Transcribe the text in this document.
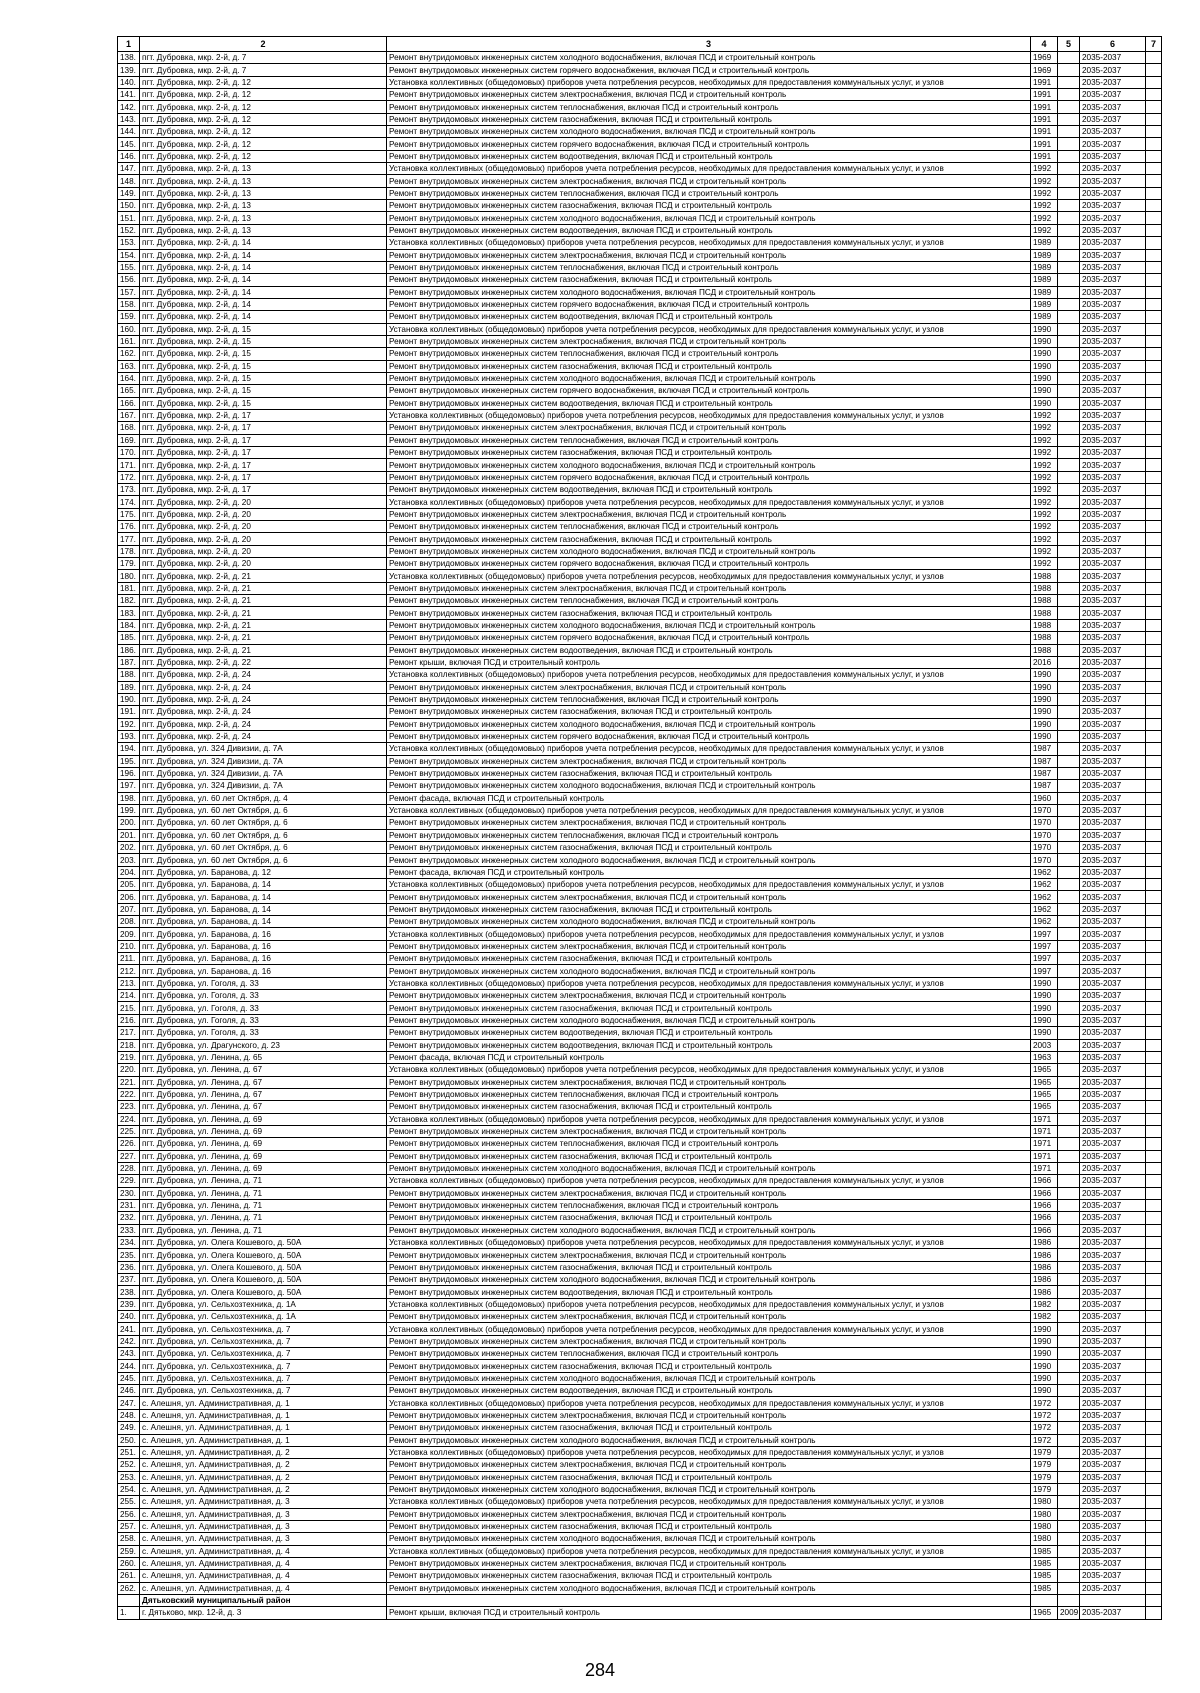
1	2	3	4	5	6	7
138.	пгт. Дубровка, мкр. 2-й, д. 7	Ремонт внутридомовых инженерных систем холодного водоснабжения, включая ПСД и строительный контроль	1969		2035-2037	
139.	пгт. Дубровка, мкр. 2-й, д. 7	Ремонт внутридомовых инженерных систем горячего водоснабжения, включая ПСД и строительный контроль	1969		2035-2037	
140.	пгт. Дубровка, мкр. 2-й, д. 12	Установка коллективных (общедомовых) приборов учета потребления ресурсов, необходимых для предоставления коммунальных услуг, и узлов	1991		2035-2037	
141.	пгт. Дубровка, мкр. 2-й, д. 12	Ремонт внутридомовых инженерных систем электроснабжения, включая ПСД и строительный контроль	1991		2035-2037	
142.	пгт. Дубровка, мкр. 2-й, д. 12	Ремонт внутридомовых инженерных систем теплоснабжения, включая ПСД и строительный контроль	1991		2035-2037	
143.	пгт. Дубровка, мкр. 2-й, д. 12	Ремонт внутридомовых инженерных систем газоснабжения, включая ПСД и строительный контроль	1991		2035-2037	
144.	пгт. Дубровка, мкр. 2-й, д. 12	Ремонт внутридомовых инженерных систем холодного водоснабжения, включая ПСД и строительный контроль	1991		2035-2037	
145.	пгт. Дубровка, мкр. 2-й, д. 12	Ремонт внутридомовых инженерных систем горячего водоснабжения, включая ПСД и строительный контроль	1991		2035-2037	
146.	пгт. Дубровка, мкр. 2-й, д. 12	Ремонт внутридомовых инженерных систем водоотведения, включая ПСД и строительный контроль	1991		2035-2037	
147.	пгт. Дубровка, мкр. 2-й, д. 13	Установка коллективных (общедомовых) приборов учета потребления ресурсов, необходимых для предоставления коммунальных услуг, и узлов	1992		2035-2037	
148.	пгт. Дубровка, мкр. 2-й, д. 13	Ремонт внутридомовых инженерных систем электроснабжения, включая ПСД и строительный контроль	1992		2035-2037	
149.	пгт. Дубровка, мкр. 2-й, д. 13	Ремонт внутридомовых инженерных систем теплоснабжения, включая ПСД и строительный контроль	1992		2035-2037	
150.	пгт. Дубровка, мкр. 2-й, д. 13	Ремонт внутридомовых инженерных систем газоснабжения, включая ПСД и строительный контроль	1992		2035-2037	
151.	пгт. Дубровка, мкр. 2-й, д. 13	Ремонт внутридомовых инженерных систем холодного водоснабжения, включая ПСД и строительный контроль	1992		2035-2037	
152.	пгт. Дубровка, мкр. 2-й, д. 13	Ремонт внутридомовых инженерных систем водоотведения, включая ПСД и строительный контроль	1992		2035-2037	
153.	пгт. Дубровка, мкр. 2-й, д. 14	Установка коллективных (общедомовых) приборов учета потребления ресурсов, необходимых для предоставления коммунальных услуг, и узлов	1989		2035-2037	
154.	пгт. Дубровка, мкр. 2-й, д. 14	Ремонт внутридомовых инженерных систем электроснабжения, включая ПСД и строительный контроль	1989		2035-2037	
155.	пгт. Дубровка, мкр. 2-й, д. 14	Ремонт внутридомовых инженерных систем теплоснабжения, включая ПСД и строительный контроль	1989		2035-2037	
156.	пгт. Дубровка, мкр. 2-й, д. 14	Ремонт внутридомовых инженерных систем газоснабжения, включая ПСД и строительный контроль	1989		2035-2037	
157.	пгт. Дубровка, мкр. 2-й, д. 14	Ремонт внутридомовых инженерных систем холодного водоснабжения, включая ПСД и строительный контроль	1989		2035-2037	
158.	пгт. Дубровка, мкр. 2-й, д. 14	Ремонт внутридомовых инженерных систем горячего водоснабжения, включая ПСД и строительный контроль	1989		2035-2037	
159.	пгт. Дубровка, мкр. 2-й, д. 14	Ремонт внутридомовых инженерных систем водоотведения, включая ПСД и строительный контроль	1989		2035-2037	
160.	пгт. Дубровка, мкр. 2-й, д. 15	Установка коллективных (общедомовых) приборов учета потребления ресурсов, необходимых для предоставления коммунальных услуг, и узлов	1990		2035-2037	
161.	пгт. Дубровка, мкр. 2-й, д. 15	Ремонт внутридомовых инженерных систем электроснабжения, включая ПСД и строительный контроль	1990		2035-2037	
162.	пгт. Дубровка, мкр. 2-й, д. 15	Ремонт внутридомовых инженерных систем теплоснабжения, включая ПСД и строительный контроль	1990		2035-2037	
163.	пгт. Дубровка, мкр. 2-й, д. 15	Ремонт внутридомовых инженерных систем газоснабжения, включая ПСД и строительный контроль	1990		2035-2037	
164.	пгт. Дубровка, мкр. 2-й, д. 15	Ремонт внутридомовых инженерных систем холодного водоснабжения, включая ПСД и строительный контроль	1990		2035-2037	
165.	пгт. Дубровка, мкр. 2-й, д. 15	Ремонт внутридомовых инженерных систем горячего водоснабжения, включая ПСД и строительный контроль	1990		2035-2037	
166.	пгт. Дубровка, мкр. 2-й, д. 15	Ремонт внутридомовых инженерных систем водоотведения, включая ПСД и строительный контроль	1990		2035-2037	
167.	пгт. Дубровка, мкр. 2-й, д. 17	Установка коллективных (общедомовых) приборов учета потребления ресурсов, необходимых для предоставления коммунальных услуг, и узлов	1992		2035-2037	
168.	пгт. Дубровка, мкр. 2-й, д. 17	Ремонт внутридомовых инженерных систем электроснабжения, включая ПСД и строительный контроль	1992		2035-2037	
169.	пгт. Дубровка, мкр. 2-й, д. 17	Ремонт внутридомовых инженерных систем теплоснабжения, включая ПСД и строительный контроль	1992		2035-2037	
170.	пгт. Дубровка, мкр. 2-й, д. 17	Ремонт внутридомовых инженерных систем газоснабжения, включая ПСД и строительный контроль	1992		2035-2037	
171.	пгт. Дубровка, мкр. 2-й, д. 17	Ремонт внутридомовых инженерных систем холодного водоснабжения, включая ПСД и строительный контроль	1992		2035-2037	
172.	пгт. Дубровка, мкр. 2-й, д. 17	Ремонт внутридомовых инженерных систем горячего водоснабжения, включая ПСД и строительный контроль	1992		2035-2037	
173.	пгт. Дубровка, мкр. 2-й, д. 17	Ремонт внутридомовых инженерных систем водоотведения, включая ПСД и строительный контроль	1992		2035-2037	
174.	пгт. Дубровка, мкр. 2-й, д. 20	Установка коллективных (общедомовых) приборов учета потребления ресурсов, необходимых для предоставления коммунальных услуг, и узлов	1992		2035-2037	
175.	пгт. Дубровка, мкр. 2-й, д. 20	Ремонт внутридомовых инженерных систем электроснабжения, включая ПСД и строительный контроль	1992		2035-2037	
176.	пгт. Дубровка, мкр. 2-й, д. 20	Ремонт внутридомовых инженерных систем теплоснабжения, включая ПСД и строительный контроль	1992		2035-2037	
177.	пгт. Дубровка, мкр. 2-й, д. 20	Ремонт внутридомовых инженерных систем газоснабжения, включая ПСД и строительный контроль	1992		2035-2037	
178.	пгт. Дубровка, мкр. 2-й, д. 20	Ремонт внутридомовых инженерных систем холодного водоснабжения, включая ПСД и строительный контроль	1992		2035-2037	
179.	пгт. Дубровка, мкр. 2-й, д. 20	Ремонт внутридомовых инженерных систем горячего водоснабжения, включая ПСД и строительный контроль	1992		2035-2037	
180.	пгт. Дубровка, мкр. 2-й, д. 21	Установка коллективных (общедомовых) приборов учета потребления ресурсов, необходимых для предоставления коммунальных услуг, и узлов	1988		2035-2037	
181.	пгт. Дубровка, мкр. 2-й, д. 21	Ремонт внутридомовых инженерных систем электроснабжения, включая ПСД и строительный контроль	1988		2035-2037	
182.	пгт. Дубровка, мкр. 2-й, д. 21	Ремонт внутридомовых инженерных систем теплоснабжения, включая ПСД и строительный контроль	1988		2035-2037	
183.	пгт. Дубровка, мкр. 2-й, д. 21	Ремонт внутридомовых инженерных систем газоснабжения, включая ПСД и строительный контроль	1988		2035-2037	
184.	пгт. Дубровка, мкр. 2-й, д. 21	Ремонт внутридомовых инженерных систем холодного водоснабжения, включая ПСД и строительный контроль	1988		2035-2037	
185.	пгт. Дубровка, мкр. 2-й, д. 21	Ремонт внутридомовых инженерных систем горячего водоснабжения, включая ПСД и строительный контроль	1988		2035-2037	
186.	пгт. Дубровка, мкр. 2-й, д. 21	Ремонт внутридомовых инженерных систем водоотведения, включая ПСД и строительный контроль	1988		2035-2037	
187.	пгт. Дубровка, мкр. 2-й, д. 22	Ремонт крыши, включая ПСД и строительный контроль	2016		2035-2037	
188.	пгт. Дубровка, мкр. 2-й, д. 24	Установка коллективных (общедомовых) приборов учета потребления ресурсов, необходимых для предоставления коммунальных услуг, и узлов	1990		2035-2037	
189.	пгт. Дубровка, мкр. 2-й, д. 24	Ремонт внутридомовых инженерных систем электроснабжения, включая ПСД и строительный контроль	1990		2035-2037	
190.	пгт. Дубровка, мкр. 2-й, д. 24	Ремонт внутридомовых инженерных систем теплоснабжения, включая ПСД и строительный контроль	1990		2035-2037	
191.	пгт. Дубровка, мкр. 2-й, д. 24	Ремонт внутридомовых инженерных систем газоснабжения, включая ПСД и строительный контроль	1990		2035-2037	
192.	пгт. Дубровка, мкр. 2-й, д. 24	Ремонт внутридомовых инженерных систем холодного водоснабжения, включая ПСД и строительный контроль	1990		2035-2037	
193.	пгт. Дубровка, мкр. 2-й, д. 24	Ремонт внутридомовых инженерных систем горячего водоснабжения, включая ПСД и строительный контроль	1990		2035-2037	
194.	пгт. Дубровка, ул. 324 Дивизии, д. 7А	Установка коллективных (общедомовых) приборов учета потребления ресурсов, необходимых для предоставления коммунальных услуг, и узлов	1987		2035-2037	
195.	пгт. Дубровка, ул. 324 Дивизии, д. 7А	Ремонт внутридомовых инженерных систем электроснабжения, включая ПСД и строительный контроль	1987		2035-2037	
196.	пгт. Дубровка, ул. 324 Дивизии, д. 7А	Ремонт внутридомовых инженерных систем газоснабжения, включая ПСД и строительный контроль	1987		2035-2037	
197.	пгт. Дубровка, ул. 324 Дивизии, д. 7А	Ремонт внутридомовых инженерных систем холодного водоснабжения, включая ПСД и строительный контроль	1987		2035-2037	
198.	пгт. Дубровка, ул. 60 лет Октября, д. 4	Ремонт фасада, включая ПСД и строительный контроль	1960		2035-2037	
199.	пгт. Дубровка, ул. 60 лет Октября, д. 6	Установка коллективных (общедомовых) приборов учета потребления ресурсов, необходимых для предоставления коммунальных услуг, и узлов	1970		2035-2037	
200.	пгт. Дубровка, ул. 60 лет Октября, д. 6	Ремонт внутридомовых инженерных систем электроснабжения, включая ПСД и строительный контроль	1970		2035-2037	
201.	пгт. Дубровка, ул. 60 лет Октября, д. 6	Ремонт внутридомовых инженерных систем теплоснабжения, включая ПСД и строительный контроль	1970		2035-2037	
202.	пгт. Дубровка, ул. 60 лет Октября, д. 6	Ремонт внутридомовых инженерных систем газоснабжения, включая ПСД и строительный контроль	1970		2035-2037	
203.	пгт. Дубровка, ул. 60 лет Октября, д. 6	Ремонт внутридомовых инженерных систем холодного водоснабжения, включая ПСД и строительный контроль	1970		2035-2037	
204.	пгт. Дубровка, ул. Баранова, д. 12	Ремонт фасада, включая ПСД и строительный контроль	1962		2035-2037	
205.	пгт. Дубровка, ул. Баранова, д. 14	Установка коллективных (общедомовых) приборов учета потребления ресурсов, необходимых для предоставления коммунальных услуг, и узлов	1962		2035-2037	
206.	пгт. Дубровка, ул. Баранова, д. 14	Ремонт внутридомовых инженерных систем электроснабжения, включая ПСД и строительный контроль	1962		2035-2037	
207.	пгт. Дубровка, ул. Баранова, д. 14	Ремонт внутридомовых инженерных систем газоснабжения, включая ПСД и строительный контроль	1962		2035-2037	
208.	пгт. Дубровка, ул. Баранова, д. 14	Ремонт внутридомовых инженерных систем холодного водоснабжения, включая ПСД и строительный контроль	1962		2035-2037	
209.	пгт. Дубровка, ул. Баранова, д. 16	Установка коллективных (общедомовых) приборов учета потребления ресурсов, необходимых для предоставления коммунальных услуг, и узлов	1997		2035-2037	
210.	пгт. Дубровка, ул. Баранова, д. 16	Ремонт внутридомовых инженерных систем электроснабжения, включая ПСД и строительный контроль	1997		2035-2037	
211.	пгт. Дубровка, ул. Баранова, д. 16	Ремонт внутридомовых инженерных систем газоснабжения, включая ПСД и строительный контроль	1997		2035-2037	
212.	пгт. Дубровка, ул. Баранова, д. 16	Ремонт внутридомовых инженерных систем холодного водоснабжения, включая ПСД и строительный контроль	1997		2035-2037	
213.	пгт. Дубровка, ул. Гоголя, д. 33	Установка коллективных (общедомовых) приборов учета потребления ресурсов, необходимых для предоставления коммунальных услуг, и узлов	1990		2035-2037	
214.	пгт. Дубровка, ул. Гоголя, д. 33	Ремонт внутридомовых инженерных систем электроснабжения, включая ПСД и строительный контроль	1990		2035-2037	
215.	пгт. Дубровка, ул. Гоголя, д. 33	Ремонт внутридомовых инженерных систем газоснабжения, включая ПСД и строительный контроль	1990		2035-2037	
216.	пгт. Дубровка, ул. Гоголя, д. 33	Ремонт внутридомовых инженерных систем холодного водоснабжения, включая ПСД и строительный контроль	1990		2035-2037	
217.	пгт. Дубровка, ул. Гоголя, д. 33	Ремонт внутридомовых инженерных систем водоотведения, включая ПСД и строительный контроль	1990		2035-2037	
218.	пгт. Дубровка, ул. Драгунского, д. 23	Ремонт внутридомовых инженерных систем водоотведения, включая ПСД и строительный контроль	2003		2035-2037	
219.	пгт. Дубровка, ул. Ленина, д. 65	Ремонт фасада, включая ПСД и строительный контроль	1963		2035-2037	
220.	пгт. Дубровка, ул. Ленина, д. 67	Установка коллективных (общедомовых) приборов учета потребления ресурсов, необходимых для предоставления коммунальных услуг, и узлов	1965		2035-2037	
221.	пгт. Дубровка, ул. Ленина, д. 67	Ремонт внутридомовых инженерных систем электроснабжения, включая ПСД и строительный контроль	1965		2035-2037	
222.	пгт. Дубровка, ул. Ленина, д. 67	Ремонт внутридомовых инженерных систем теплоснабжения, включая ПСД и строительный контроль	1965		2035-2037	
223.	пгт. Дубровка, ул. Ленина, д. 67	Ремонт внутридомовых инженерных систем газоснабжения, включая ПСД и строительный контроль	1965		2035-2037	
224.	пгт. Дубровка, ул. Ленина, д. 69	Установка коллективных (общедомовых) приборов учета потребления ресурсов, необходимых для предоставления коммунальных услуг, и узлов	1971		2035-2037	
225.	пгт. Дубровка, ул. Ленина, д. 69	Ремонт внутридомовых инженерных систем электроснабжения, включая ПСД и строительный контроль	1971		2035-2037	
226.	пгт. Дубровка, ул. Ленина, д. 69	Ремонт внутридомовых инженерных систем теплоснабжения, включая ПСД и строительный контроль	1971		2035-2037	
227.	пгт. Дубровка, ул. Ленина, д. 69	Ремонт внутридомовых инженерных систем газоснабжения, включая ПСД и строительный контроль	1971		2035-2037	
228.	пгт. Дубровка, ул. Ленина, д. 69	Ремонт внутридомовых инженерных систем холодного водоснабжения, включая ПСД и строительный контроль	1971		2035-2037	
229.	пгт. Дубровка, ул. Ленина, д. 71	Установка коллективных (общедомовых) приборов учета потребления ресурсов, необходимых для предоставления коммунальных услуг, и узлов	1966		2035-2037	
230.	пгт. Дубровка, ул. Ленина, д. 71	Ремонт внутридомовых инженерных систем электроснабжения, включая ПСД и строительный контроль	1966		2035-2037	
231.	пгт. Дубровка, ул. Ленина, д. 71	Ремонт внутридомовых инженерных систем теплоснабжения, включая ПСД и строительный контроль	1966		2035-2037	
232.	пгт. Дубровка, ул. Ленина, д. 71	Ремонт внутридомовых инженерных систем газоснабжения, включая ПСД и строительный контроль	1966		2035-2037	
233.	пгт. Дубровка, ул. Ленина, д. 71	Ремонт внутридомовых инженерных систем холодного водоснабжения, включая ПСД и строительный контроль	1966		2035-2037	
234.	пгт. Дубровка, ул. Олега Кошевого, д. 50А	Установка коллективных (общедомовых) приборов учета потребления ресурсов, необходимых для предоставления коммунальных услуг, и узлов	1986		2035-2037	
235.	пгт. Дубровка, ул. Олега Кошевого, д. 50А	Ремонт внутридомовых инженерных систем электроснабжения, включая ПСД и строительный контроль	1986		2035-2037	
236.	пгт. Дубровка, ул. Олега Кошевого, д. 50А	Ремонт внутридомовых инженерных систем газоснабжения, включая ПСД и строительный контроль	1986		2035-2037	
237.	пгт. Дубровка, ул. Олега Кошевого, д. 50А	Ремонт внутридомовых инженерных систем холодного водоснабжения, включая ПСД и строительный контроль	1986		2035-2037	
238.	пгт. Дубровка, ул. Олега Кошевого, д. 50А	Ремонт внутридомовых инженерных систем водоотведения, включая ПСД и строительный контроль	1986		2035-2037	
239.	пгт. Дубровка, ул. Сельхозтехника, д. 1А	Установка коллективных (общедомовых) приборов учета потребления ресурсов, необходимых для предоставления коммунальных услуг, и узлов	1982		2035-2037	
240.	пгт. Дубровка, ул. Сельхозтехника, д. 1А	Ремонт внутридомовых инженерных систем электроснабжения, включая ПСД и строительный контроль	1982		2035-2037	
241.	пгт. Дубровка, ул. Сельхозтехника, д. 7	Установка коллективных (общедомовых) приборов учета потребления ресурсов, необходимых для предоставления коммунальных услуг, и узлов	1990		2035-2037	
242.	пгт. Дубровка, ул. Сельхозтехника, д. 7	Ремонт внутридомовых инженерных систем электроснабжения, включая ПСД и строительный контроль	1990		2035-2037	
243.	пгт. Дубровка, ул. Сельхозтехника, д. 7	Ремонт внутридомовых инженерных систем теплоснабжения, включая ПСД и строительный контроль	1990		2035-2037	
244.	пгт. Дубровка, ул. Сельхозтехника, д. 7	Ремонт внутридомовых инженерных систем газоснабжения, включая ПСД и строительный контроль	1990		2035-2037	
245.	пгт. Дубровка, ул. Сельхозтехника, д. 7	Ремонт внутридомовых инженерных систем холодного водоснабжения, включая ПСД и строительный контроль	1990		2035-2037	
246.	пгт. Дубровка, ул. Сельхозтехника, д. 7	Ремонт внутридомовых инженерных систем водоотведения, включая ПСД и строительный контроль	1990		2035-2037	
247.	с. Алешня, ул. Административная, д. 1	Установка коллективных (общедомовых) приборов учета потребления ресурсов, необходимых для предоставления коммунальных услуг, и узлов	1972		2035-2037	
248.	с. Алешня, ул. Административная, д. 1	Ремонт внутридомовых инженерных систем электроснабжения, включая ПСД и строительный контроль	1972		2035-2037	
249.	с. Алешня, ул. Административная, д. 1	Ремонт внутридомовых инженерных систем газоснабжения, включая ПСД и строительный контроль	1972		2035-2037	
250.	с. Алешня, ул. Административная, д. 1	Ремонт внутридомовых инженерных систем холодного водоснабжения, включая ПСД и строительный контроль	1972		2035-2037	
251.	с. Алешня, ул. Административная, д. 2	Установка коллективных (общедомовых) приборов учета потребления ресурсов, необходимых для предоставления коммунальных услуг, и узлов	1979		2035-2037	
252.	с. Алешня, ул. Административная, д. 2	Ремонт внутридомовых инженерных систем электроснабжения, включая ПСД и строительный контроль	1979		2035-2037	
253.	с. Алешня, ул. Административная, д. 2	Ремонт внутридомовых инженерных систем газоснабжения, включая ПСД и строительный контроль	1979		2035-2037	
254.	с. Алешня, ул. Административная, д. 2	Ремонт внутридомовых инженерных систем холодного водоснабжения, включая ПСД и строительный контроль	1979		2035-2037	
255.	с. Алешня, ул. Административная, д. 3	Установка коллективных (общедомовых) приборов учета потребления ресурсов, необходимых для предоставления коммунальных услуг, и узлов	1980		2035-2037	
256.	с. Алешня, ул. Административная, д. 3	Ремонт внутридомовых инженерных систем электроснабжения, включая ПСД и строительный контроль	1980		2035-2037	
257.	с. Алешня, ул. Административная, д. 3	Ремонт внутридомовых инженерных систем газоснабжения, включая ПСД и строительный контроль	1980		2035-2037	
258.	с. Алешня, ул. Административная, д. 3	Ремонт внутридомовых инженерных систем холодного водоснабжения, включая ПСД и строительный контроль	1980		2035-2037	
259.	с. Алешня, ул. Административная, д. 4	Установка коллективных (общедомовых) приборов учета потребления ресурсов, необходимых для предоставления коммунальных услуг, и узлов	1985		2035-2037	
260.	с. Алешня, ул. Административная, д. 4	Ремонт внутридомовых инженерных систем электроснабжения, включая ПСД и строительный контроль	1985		2035-2037	
261.	с. Алешня, ул. Административная, д. 4	Ремонт внутридомовых инженерных систем газоснабжения, включая ПСД и строительный контроль	1985		2035-2037	
262.	с. Алешня, ул. Административная, д. 4	Ремонт внутридомовых инженерных систем холодного водоснабжения, включая ПСД и строительный контроль	1985		2035-2037	
	Дятьковский муниципальный район					
1.	г. Дятьково, мкр. 12-й, д. 3	Ремонт крыши, включая ПСД и строительный контроль	1965	2009	2035-2037	
284
